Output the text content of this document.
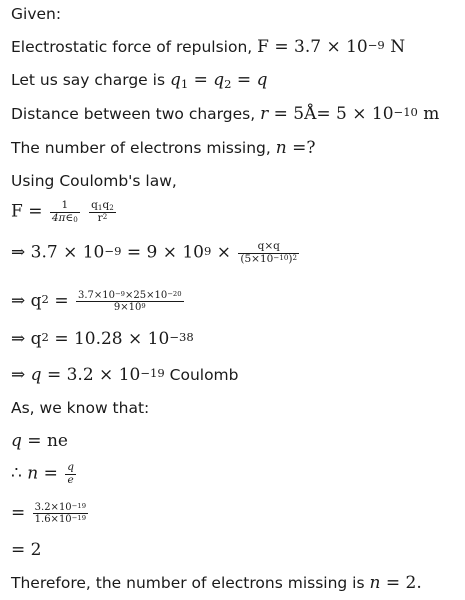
Given:
Electrostatic force of repulsion, $F = 3.7 \times 10^{-9}$ N
Let us say charge is $q_1 = q_2 = q$
Distance between two charges, r = 5Å= $5 \times 10^{-10}$ m
The number of electrons missing, n =?
Using Coulomb's law,
$F = \frac{1}{4\pi\in_0}$
$\frac{q_1q_2}{r^2}$
⇒ $3.7 \times 10^{-9} = 9 \times 10^9 \times \frac{q\times q}{(5\times 10^{-10})^2}$
⇒ $q^2 = \frac{3.7\times 10^{-9}\times 25\times 10^{-20}}{9\times 10^9}$
⇒ $q^2 = 10.28 \times 10^{-38}$
⇒ $q = 3.2 \times 10^{-19}$ Coulomb
As, we know that:
q = ne
∴ $n = \frac{q}{e}$
= $\frac{3.2\times 10^{-19}}{1.6\times 10^{-19}}$
= 2
Therefore, the number of electrons missing is n = 2.
